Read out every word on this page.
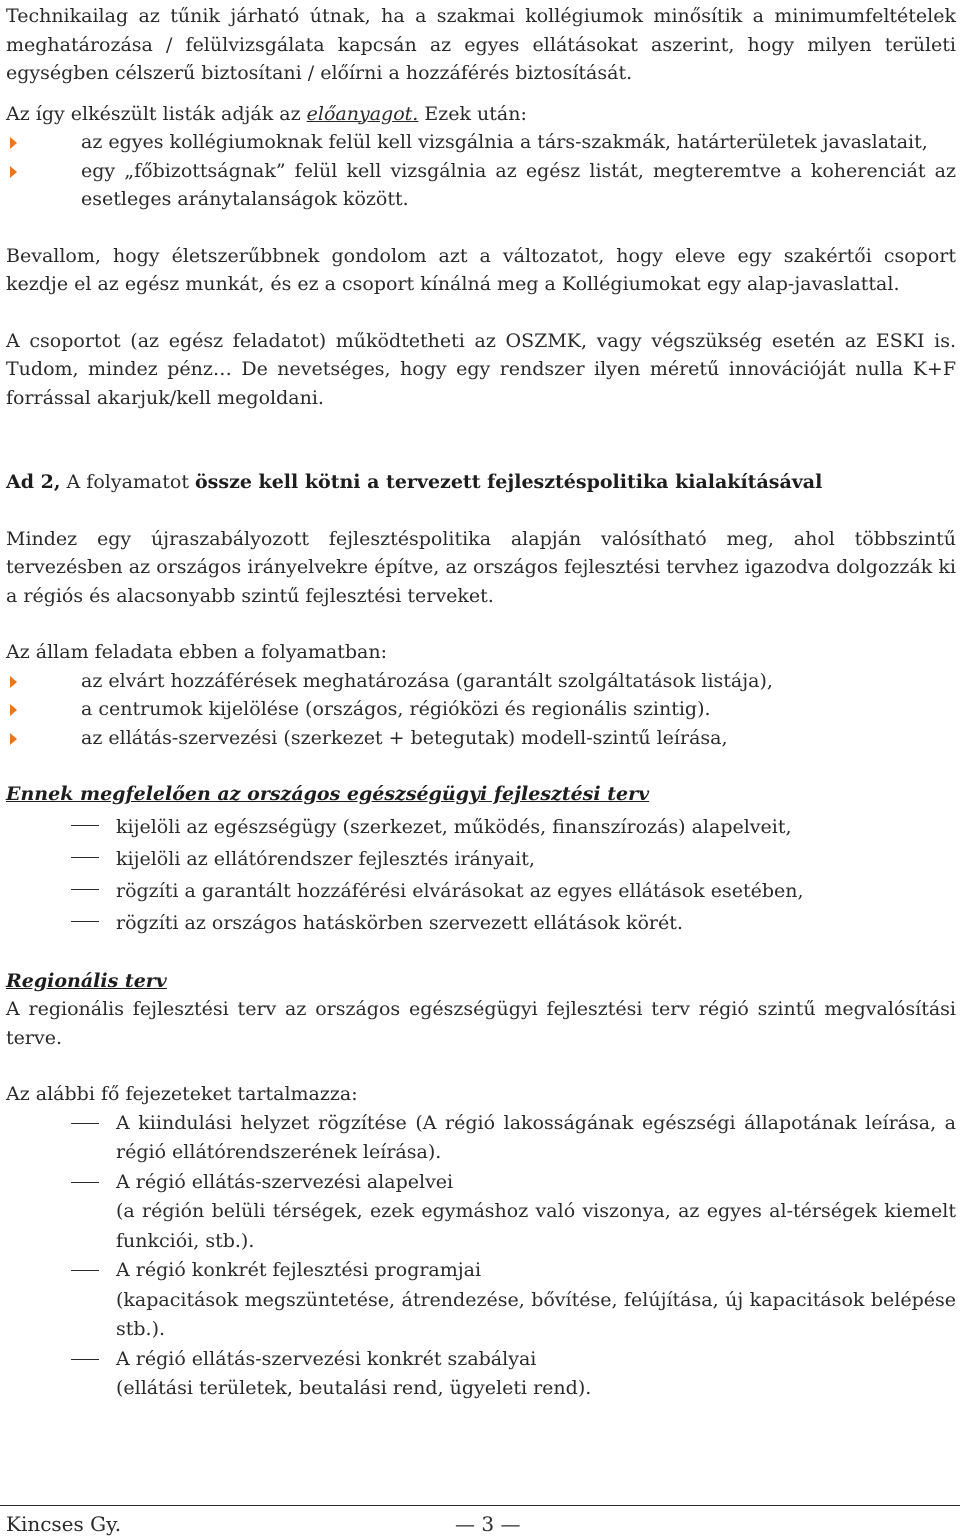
Technikailag az tűnik járható útnak, ha a szakmai kollégiumok minősítik a minimumfeltételek meghatározása / felülvizsgálata kapcsán az egyes ellátásokat aszerint, hogy milyen területi egységben célszerű biztosítani / előírni a hozzáférés biztosítását.

Az így elkészült listák adják az előanyagot. Ezek után:

az egyes kollégiumoknak felül kell vizsgálnia a társ-szakmák, határterületek javaslatait,
egy „főbizottságnak” felül kell vizsgálnia az egész listát, megteremtve a koherenciát az esetleges aránytalanságok között.

Bevallom, hogy életszerűbbnek gondolom azt a változatot, hogy eleve egy szakértői csoport kezdje el az egész munkát, és ez a csoport kínálná meg a Kollégiumokat egy alap-javaslattal.

A csoportot (az egész feladatot) működtetheti az OSZMK, vagy végszükség esetén az ESKI is. Tudom, mindez pénz… De nevetséges, hogy egy rendszer ilyen méretű innovációját nulla K+F forrással akarjuk/kell megoldani.

Ad 2, A folyamatot össze kell kötni a tervezett fejlesztéspolitika kialakításával

Mindez egy újraszabályozott fejlesztéspolitika alapján valósítható meg, ahol többszintű tervezésben az országos irányelvekre építve, az országos fejlesztési tervhez igazodva dolgozzák ki a régiós és alacsonyabb szintű fejlesztési terveket.

Az állam feladata ebben a folyamatban:

az elvárt hozzáférések meghatározása (garantált szolgáltatások listája),
a centrumok kijelölése (országos, régióközi és regionális szintig).
az ellátás-szervezési (szerkezet + betegutak) modell-szintű leírása,

Ennek megfelelően az országos egészségügyi fejlesztési terv

kijelöli az egészségügy (szerkezet, működés, finanszírozás) alapelveit,
kijelöli az ellátórendszer fejlesztés irányait,
rögzíti a garantált hozzáférési elvárásokat az egyes ellátások esetében,
rögzíti az országos hatáskörben szervezett ellátások körét.

Regionális terv

A regionális fejlesztési terv az országos egészségügyi fejlesztési terv régió szintű megvalósítási terve.

Az alábbi fő fejezeteket tartalmazza:

A kiindulási helyzet rögzítése (A régió lakosságának egészségi állapotának leírása, a régió ellátórendszerének leírása).
A régió ellátás-szervezési alapelvei
(a régión belüli térségek, ezek egymáshoz való viszonya, az egyes al-térségek kiemelt funkciói, stb.).
A régió konkrét fejlesztési programjai
(kapacitások megszüntetése, átrendezése, bővítése, felújítása, új kapacitások belépése stb.).
A régió ellátás-szervezési konkrét szabályai
(ellátási területek, beutalási rend, ügyeleti rend).
Kincses Gy.	— 3 —
